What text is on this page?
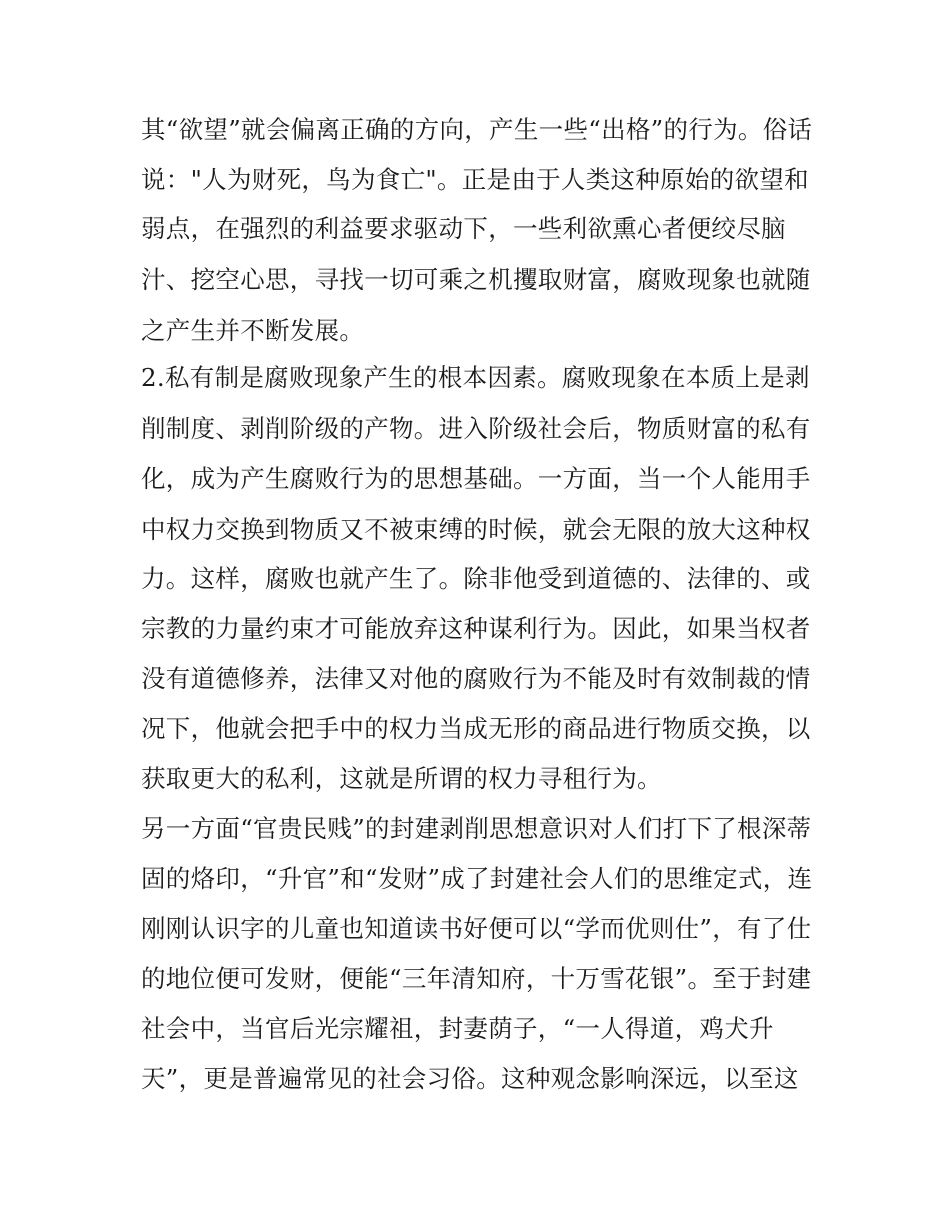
其“欲望”就会偏离正确的方向，产生一些“出格”的行为。俗话
说："人为财死，鸟为食亡"。正是由于人类这种原始的欲望和
弱点，在强烈的利益要求驱动下，一些利欲熏心者便绞尽脑
汁、挖空心思，寻找一切可乘之机攫取财富，腐败现象也就随
之产生并不断发展。
2.私有制是腐败现象产生的根本因素。腐败现象在本质上是剥
削制度、剥削阶级的产物。进入阶级社会后，物质财富的私有
化，成为产生腐败行为的思想基础。一方面，当一个人能用手
中权力交换到物质又不被束缚的时候，就会无限的放大这种权
力。这样，腐败也就产生了。除非他受到道德的、法律的、或
宗教的力量约束才可能放弃这种谋利行为。因此，如果当权者
没有道德修养，法律又对他的腐败行为不能及时有效制裁的情
况下，他就会把手中的权力当成无形的商品进行物质交换，以
获取更大的私利，这就是所谓的权力寻租行为。
另一方面“官贵民贱”的封建剥削思想意识对人们打下了根深蒂
固的烙印，“升官”和“发财”成了封建社会人们的思维定式，连
刚刚认识字的儿童也知道读书好便可以“学而优则仕”，有了仕
的地位便可发财，便能“三年清知府，十万雪花银”。至于封建
社会中，当官后光宗耀祖，封妻荫子，“一人得道，鸡犬升
天”，更是普遍常见的社会习俗。这种观念影响深远，以至这
